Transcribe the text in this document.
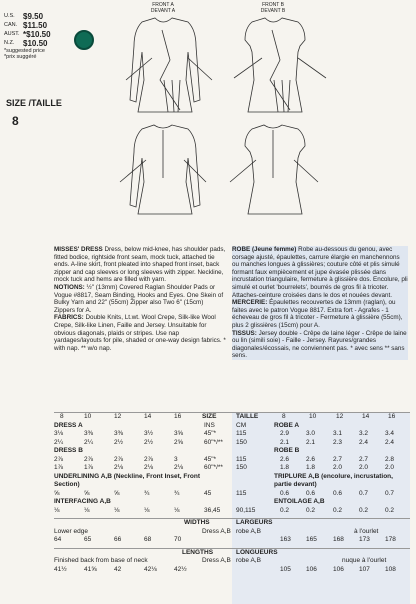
U.S.	$9.50
CAN. $11.50
AUST. *$10.50
N.Z.	$10.50
*suggested price
*prix suggéré
SIZE /TAILLE
8
FRONT A
DEVANT A
FRONT B
DEVANT B

MISSES' DRESS Dress, below mid-knee, has shoulder pads, fitted bodice, rightside front seam, mock tuck, attached tie ends. A-line skirt, front pleated into shaped front inset, back zipper and cap sleeves or long sleeves with zipper. Neckline, mock tuck and hems are filled with yarn.

NOTIONS: ½" (13mm) Covered Raglan Shoulder Pads or Vogue #8817, Seam Binding, Hooks and Eyes. One Skein of Bulky Yarn and 22" (55cm) Zipper also Two 6" (15cm) Zippers for A.

FABRICS: Double Knits, Lt.wt. Wool Crepe, Silk-like Wool Crepe, Silk-like Linen, Faille and Jersey. Unsuitable for obvious diagonals, plaids or stripes. Use nap yardages/layouts for pile, shaded or one-way design fabrics. * with nap. ** w/o nap.

ROBE (Jeune femme) Robe au-dessous du genou, avec corsage ajusté, épaulettes, carrure élargie en manchennons ou manches longues à glissières; couture côté et plis simulé formant faux empiècement et jupe évasée plissée dans incrustation triangulaire, fermeture à glissière dos. Encolure, pli simulé et ourlet 'bourrelets', bourrés de gros fil à tricoter. Attaches-ceinture croisées dans le dos et nouées devant.

MERCERIE: Épaulettes recouvertes de 13mm (raglan), ou faites avec le patron Vogue 8817. Extra fort - Agrafes - 1 écheveau de gros fil à tricoter - Fermeture à glissière (55cm), plus 2 glissières (15cm) pour A.

TISSUS: Jersey double - Crêpe de laine léger - Crêpe de laine ou lin (simili soie) - Faille - Jersey. Rayures/grandes diagonales/écossais, ne conviennent pas. * avec sens ** sans sens.

8	10	12	14	16	SIZE	TAILLE	8	10	12	14	16
DRESS A	INS	CM	ROBE A
3⅛	3⅜	3⅜	3½	3⅝	45"*	115	2.9	3.0	3.1	3.2	3.4
2¼	2¼	2½	2½	2⅝	60"*/** 150	2.1	2.1	2.3	2.4	2.4
DRESS B	ROBE B
2⅞	2⅞	2⅞	2⅞	3	45"*	115	2.6	2.6	2.7	2.7	2.8
1⅞	1⅞	2⅛	2⅛	2⅛	60"*/** 150	1.8	1.8	2.0	2.0	2.0
UNDERLINING A,B (Neckline, Front Inset, Front Section)
TRIPLURE A,B (encolure, incrustation, partie devant)
⅝	⅝	⅝	¾	¾	45	115	0.6	0.6	0.6	0.7	0.7
INTERFACING A,B	ENTOILAGE A,B
⅛	⅛	⅛	⅛	⅛	36,45 90,115	0.2	0.2	0.2	0.2	0.2
WIDTHS	LARGEURS
Lower edge	Dress A,B robe A,B	à l'ourlet
64	65	66	68	70	163 165 168 173 178
LENGTHS	LONGUEURS
Finished back from base of neck	Dress A,B robe A,B	nuque à l'ourlet
41½	41⅝	42	42⅛	42½	105 106 106 107 108
